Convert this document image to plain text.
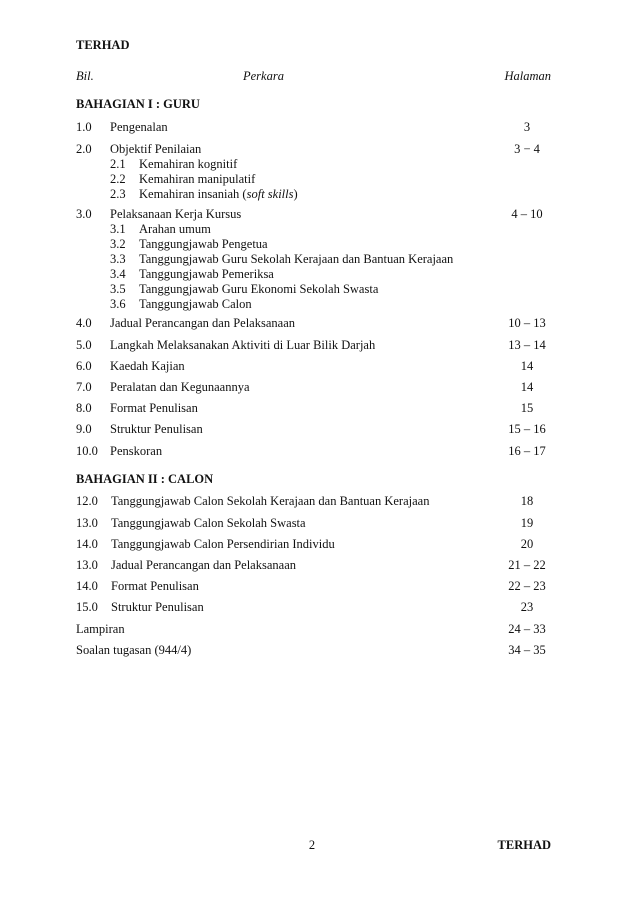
TERHAD
Bil.	Perkara	Halaman
BAHAGIAN I : GURU
1.0 Pengenalan	3
2.0 Objektif Penilaian	3 − 4
2.1 Kemahiran kognitif
2.2 Kemahiran manipulatif
2.3 Kemahiran insaniah (soft skills)
3.0 Pelaksanaan Kerja Kursus	4 – 10
3.1 Arahan umum
3.2 Tanggungjawab Pengetua
3.3 Tanggungjawab Guru Sekolah Kerajaan dan Bantuan Kerajaan
3.4 Tanggungjawab Pemeriksa
3.5 Tanggungjawab Guru Ekonomi Sekolah Swasta
3.6 Tanggungjawab Calon
4.0 Jadual Perancangan dan Pelaksanaan	10 – 13
5.0 Langkah Melaksanakan Aktiviti di Luar Bilik Darjah	13 – 14
6.0 Kaedah Kajian	14
7.0 Peralatan dan Kegunaannya	14
8.0 Format Penulisan	15
9.0 Struktur Penulisan	15 – 16
10.0 Penskoran	16 – 17
BAHAGIAN II : CALON
12.0 Tanggungjawab Calon Sekolah Kerajaan dan Bantuan Kerajaan	18
13.0 Tanggungjawab Calon Sekolah Swasta	19
14.0 Tanggungjawab Calon Persendirian Individu	20
13.0 Jadual Perancangan dan Pelaksanaan	21 – 22
14.0 Format Penulisan	22 – 23
15.0 Struktur Penulisan	23
Lampiran	24 – 33
Soalan tugasan (944/4)	34 – 35
2	TERHAD
